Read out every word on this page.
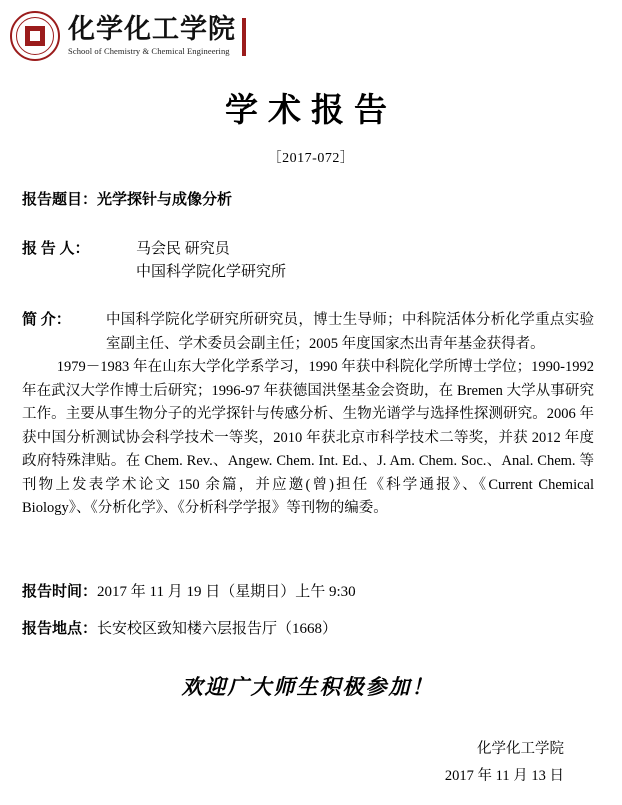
化学化工学院
School of Chemistry & Chemical Engineering
学术报告
［2017-072］
报告题目： 光学探针与成像分析
报 告 人：	马会民 研究员
中国科学院化学研究所
简 介：	中国科学院化学研究所研究员，博士生导师；中科院活体分析化学重点实验室副主任、学术委员会副主任；2005 年度国家杰出青年基金获得者。
1979－1983 年在山东大学化学系学习，1990 年获中科院化学所博士学位；1990-1992 年在武汉大学作博士后研究；1996-97 年获德国洪堡基金会资助，在 Bremen 大学从事研究工作。主要从事生物分子的光学探针与传感分析、生物光谱学与选择性探测研究。2006 年获中国分析测试协会科学技术一等奖，2010 年获北京市科学技术二等奖，并获 2012 年度政府特殊津贴。在 Chem. Rev.、Angew. Chem. Int. Ed.、J. Am. Chem. Soc.、Anal. Chem. 等刊物上发表学术论文 150 余篇，并应邀(曾)担任《科学通报》、《Current Chemical Biology》、《分析化学》、《分析科学学报》等刊物的编委。
报告时间： 2017 年 11 月 19 日（星期日）上午 9:30
报告地点： 长安校区致知楼六层报告厅（1668）
欢迎广大师生积极参加！
化学化工学院
2017 年 11 月 13 日
